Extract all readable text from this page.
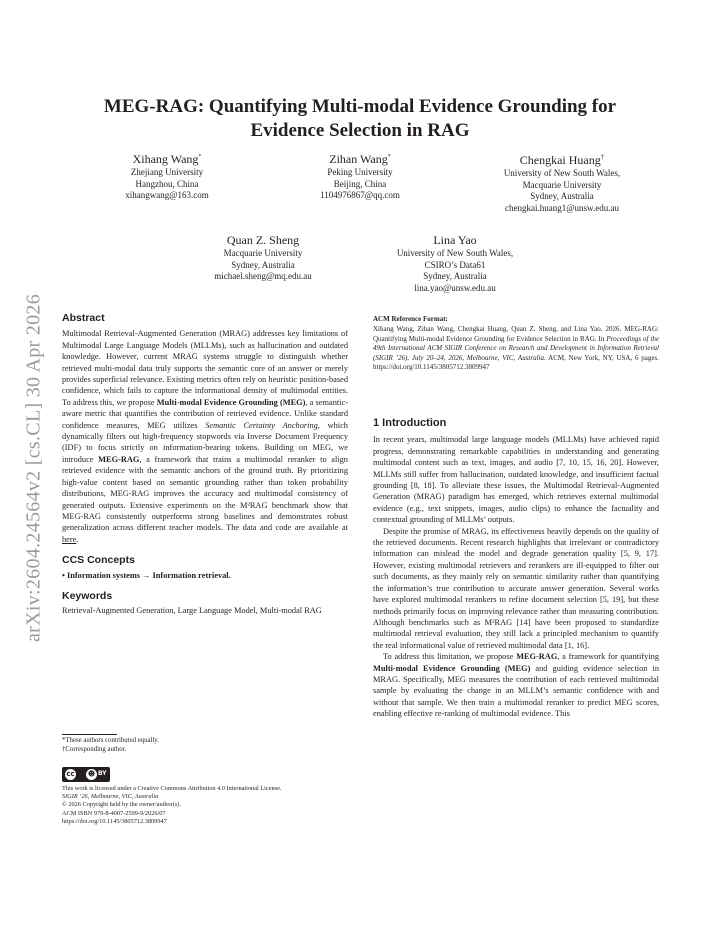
arXiv:2604.24564v2 [cs.CL] 30 Apr 2026
MEG-RAG: Quantifying Multi-modal Evidence Grounding for
Evidence Selection in RAG
Xihang Wang*
Zhejiang University
Hangzhou, China
xihangwang@163.com
Zihan Wang*
Peking University
Beijing, China
1104976867@qq.com
Chengkai Huang†
University of New South Wales,
Macquarie University
Sydney, Australia
chengkai.huang1@unsw.edu.au
Quan Z. Sheng
Macquarie University
Sydney, Australia
michael.sheng@mq.edu.au
Lina Yao
University of New South Wales,
CSIRO’s Data61
Sydney, Australia
lina.yao@unsw.edu.au
Abstract

Multimodal Retrieval-Augmented Generation (MRAG) addresses key limitations of Multimodal Large Language Models (MLLMs), such as hallucination and outdated knowledge. However, current MRAG systems struggle to distinguish whether retrieved multi-modal data truly supports the semantic core of an answer or merely provides superficial relevance. Existing metrics often rely on heuristic position-based confidence, which fails to capture the informational density of multimodal entities. To address this, we propose Multi-modal Evidence Grounding (MEG), a semantic-aware metric that quantifies the contribution of retrieved evidence. Unlike standard confidence measures, MEG utilizes Semantic Certainty Anchoring, which dynamically filters out high-frequency stopwords via Inverse Document Frequency (IDF) to focus strictly on information-bearing tokens. Building on MEG, we introduce MEG-RAG, a framework that trains a multimodal reranker to align retrieved evidence with the semantic anchors of the ground truth. By prioritizing high-value content based on semantic grounding rather than token probability distributions, MEG-RAG improves the accuracy and multimodal consistency of generated outputs. Extensive experiments on the M²RAG benchmark show that MEG-RAG consistently outperforms strong baselines and demonstrates robust generalization across different teacher models. The data and code are available at here.

CCS Concepts

• Information systems → Information retrieval.

Keywords

Retrieval-Augmented Generation, Large Language Model, Multi-modal RAG

*These authors contributed equally.
†Corresponding author.
cc ☻ BY
This work is licensed under a Creative Commons Attribution 4.0 International License.
SIGIR ’26, Melbourne, VIC, Australia
© 2026 Copyright held by the owner/author(s).
ACM ISBN 979-8-4007-2599-9/2026/07
https://doi.org/10.1145/3805712.3809947
ACM Reference Format:

Xihang Wang, Zihan Wang, Chengkai Huang, Quan Z. Sheng, and Lina Yao. 2026. MEG-RAG: Quantifying Multi-modal Evidence Grounding for Evidence Selection in RAG. In Proceedings of the 49th International ACM SIGIR Conference on Research and Development in Information Retrieval (SIGIR ’26), July 20–24, 2026, Melbourne, VIC, Australia. ACM, New York, NY, USA, 6 pages. https://doi.org/10.1145/3805712.3809947

1 Introduction

In recent years, multimodal large language models (MLLMs) have achieved rapid progress, demonstrating remarkable capabilities in understanding and generating multimodal content such as text, images, and audio [7, 10, 15, 16, 20]. However, MLLMs still suffer from hallucination, outdated knowledge, and insufficient factual grounding [8, 18]. To alleviate these issues, the Multimodal Retrieval-Augmented Generation (MRAG) paradigm has emerged, which retrieves external multimodal evidence (e.g., text snippets, images, audio clips) to enhance the factuality and contextual grounding of MLLMs’ outputs.

Despite the promise of MRAG, its effectiveness heavily depends on the quality of the retrieved documents. Recent research highlights that irrelevant or contradictory information can mislead the model and degrade generation quality [5, 9, 17]. However, existing multimodal retrievers and rerankers are ill-equipped to filter out such documents, as they mainly rely on semantic similarity rather than quantifying the information’s true contribution to accurate answer generation. Several works have explored multimodal rerankers to refine document selection [5, 19], but these methods primarily focus on improving relevance rather than measuring contribution. Although benchmarks such as M²RAG [14] have been proposed to standardize multimodal retrieval evaluation, they still lack a principled mechanism to quantify the real informational value of retrieved multimodal data [1, 16].

To address this limitation, we propose MEG-RAG, a framework for quantifying Multi-modal Evidence Grounding (MEG) and guiding evidence selection in MRAG. Specifically, MEG measures the contribution of each retrieved multimodal sample by evaluating the change in an MLLM’s semantic confidence with and without that sample. We then train a multimodal reranker to predict MEG scores, enabling effective re-ranking of multimodal evidence. This
